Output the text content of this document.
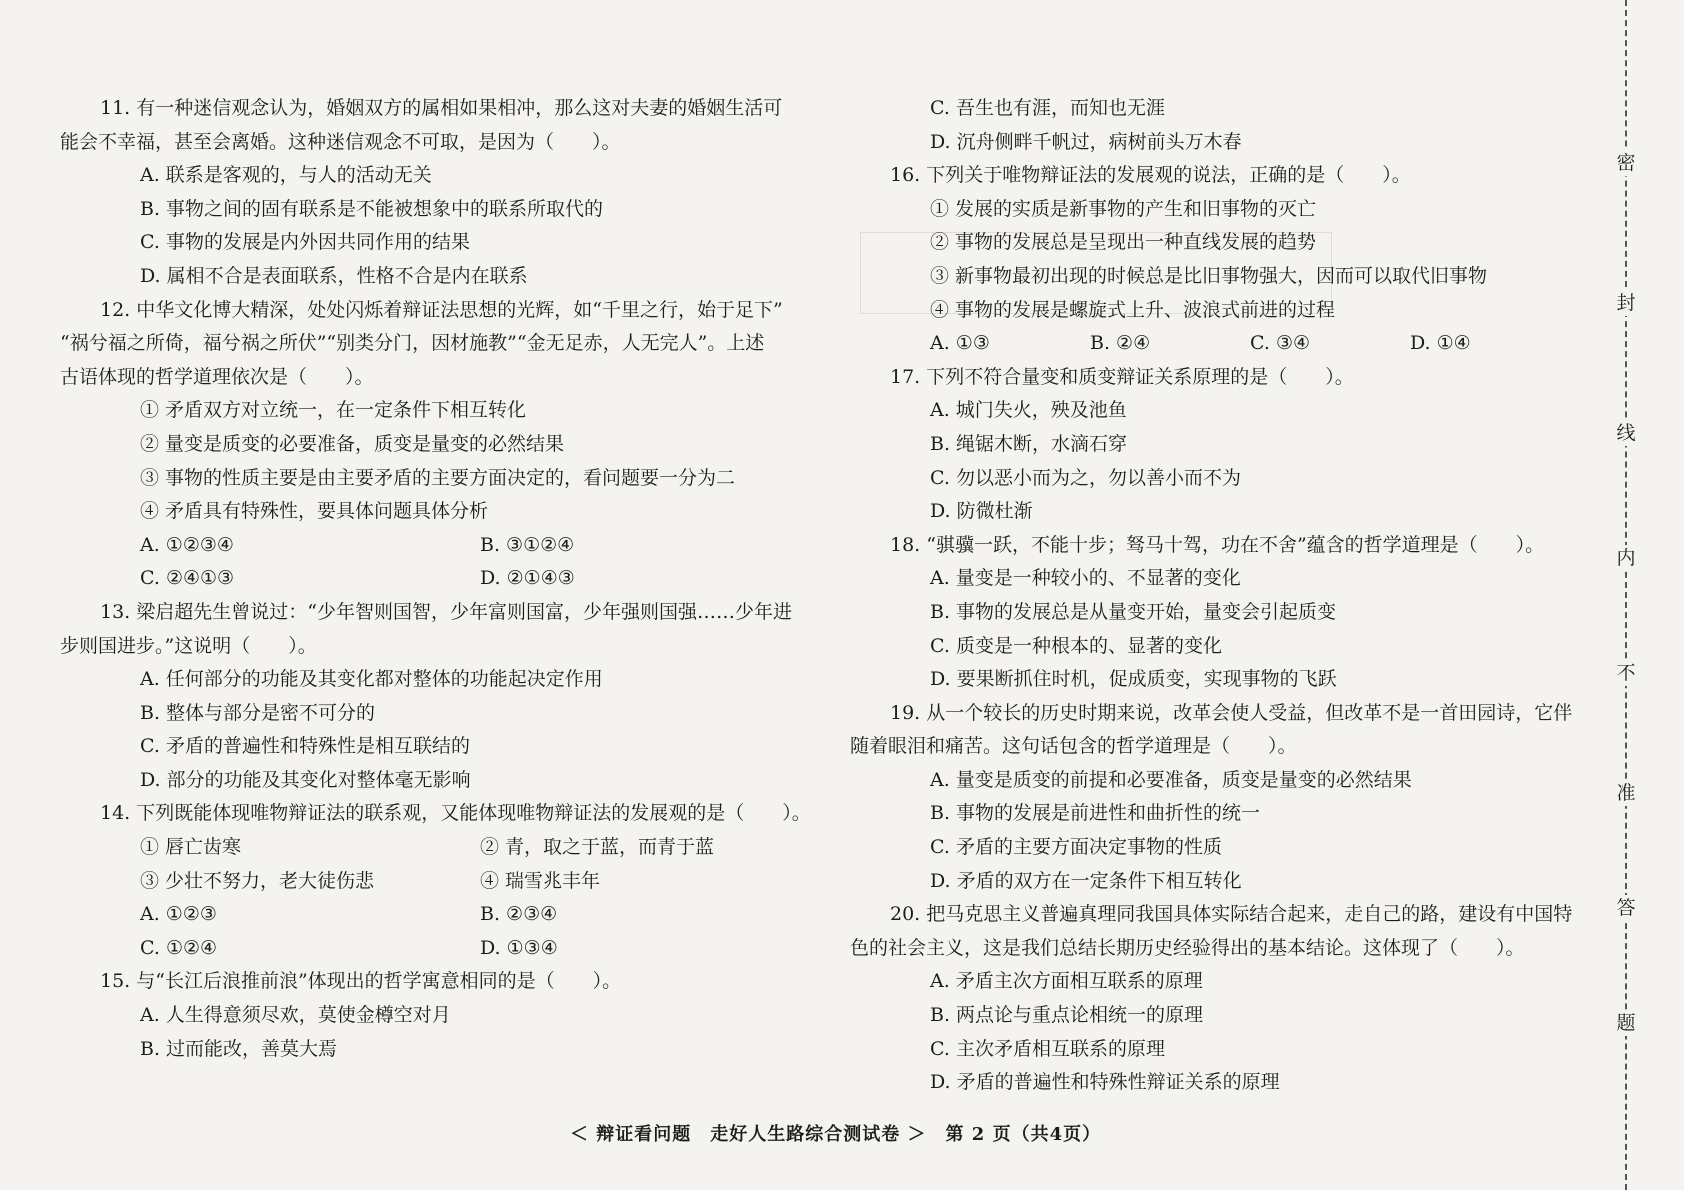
11. 有一种迷信观念认为，婚姻双方的属相如果相冲，那么这对夫妻的婚姻生活可
能会不幸福，甚至会离婚。这种迷信观念不可取，是因为（　　）。
A. 联系是客观的，与人的活动无关
B. 事物之间的固有联系是不能被想象中的联系所取代的
C. 事物的发展是内外因共同作用的结果
D. 属相不合是表面联系，性格不合是内在联系
12. 中华文化博大精深，处处闪烁着辩证法思想的光辉，如“千里之行，始于足下”
“祸兮福之所倚，福兮祸之所伏”“别类分门，因材施教”“金无足赤，人无完人”。上述
古语体现的哲学道理依次是（　　）。
① 矛盾双方对立统一，在一定条件下相互转化
② 量变是质变的必要准备，质变是量变的必然结果
③ 事物的性质主要是由主要矛盾的主要方面决定的，看问题要一分为二
④ 矛盾具有特殊性，要具体问题具体分析
A. ①②③④	B. ③①②④
C. ②④①③	D. ②①④③
13. 梁启超先生曾说过：“少年智则国智，少年富则国富，少年强则国强……少年进
步则国进步。”这说明（　　）。
A. 任何部分的功能及其变化都对整体的功能起决定作用
B. 整体与部分是密不可分的
C. 矛盾的普遍性和特殊性是相互联结的
D. 部分的功能及其变化对整体毫无影响
14. 下列既能体现唯物辩证法的联系观，又能体现唯物辩证法的发展观的是（　　）。
① 唇亡齿寒	② 青，取之于蓝，而青于蓝
③ 少壮不努力，老大徒伤悲	④ 瑞雪兆丰年
A. ①②③	B. ②③④
C. ①②④	D. ①③④
15. 与“长江后浪推前浪”体现出的哲学寓意相同的是（　　）。
A. 人生得意须尽欢，莫使金樽空对月
B. 过而能改，善莫大焉
C. 吾生也有涯，而知也无涯
D. 沉舟侧畔千帆过，病树前头万木春
16. 下列关于唯物辩证法的发展观的说法，正确的是（　　）。
① 发展的实质是新事物的产生和旧事物的灭亡
② 事物的发展总是呈现出一种直线发展的趋势
③ 新事物最初出现的时候总是比旧事物强大，因而可以取代旧事物
④ 事物的发展是螺旋式上升、波浪式前进的过程
A. ①③	B. ②④	C. ③④	D. ①④
17. 下列不符合量变和质变辩证关系原理的是（　　）。
A. 城门失火，殃及池鱼
B. 绳锯木断，水滴石穿
C. 勿以恶小而为之，勿以善小而不为
D. 防微杜渐
18. “骐骥一跃，不能十步；驽马十驾，功在不舍”蕴含的哲学道理是（　　）。
A. 量变是一种较小的、不显著的变化
B. 事物的发展总是从量变开始，量变会引起质变
C. 质变是一种根本的、显著的变化
D. 要果断抓住时机，促成质变，实现事物的飞跃
19. 从一个较长的历史时期来说，改革会使人受益，但改革不是一首田园诗，它伴
随着眼泪和痛苦。这句话包含的哲学道理是（　　）。
A. 量变是质变的前提和必要准备，质变是量变的必然结果
B. 事物的发展是前进性和曲折性的统一
C. 矛盾的主要方面决定事物的性质
D. 矛盾的双方在一定条件下相互转化
20. 把马克思主义普遍真理同我国具体实际结合起来，走自己的路，建设有中国特
色的社会主义，这是我们总结长期历史经验得出的基本结论。这体现了（　　）。
A. 矛盾主次方面相互联系的原理
B. 两点论与重点论相统一的原理
C. 主次矛盾相互联系的原理
D. 矛盾的普遍性和特殊性辩证关系的原理
＜ 辩证看问题　走好人生路综合测试卷 ＞　第 2 页（共4页）
密
封
线
内
不
准
答
题
